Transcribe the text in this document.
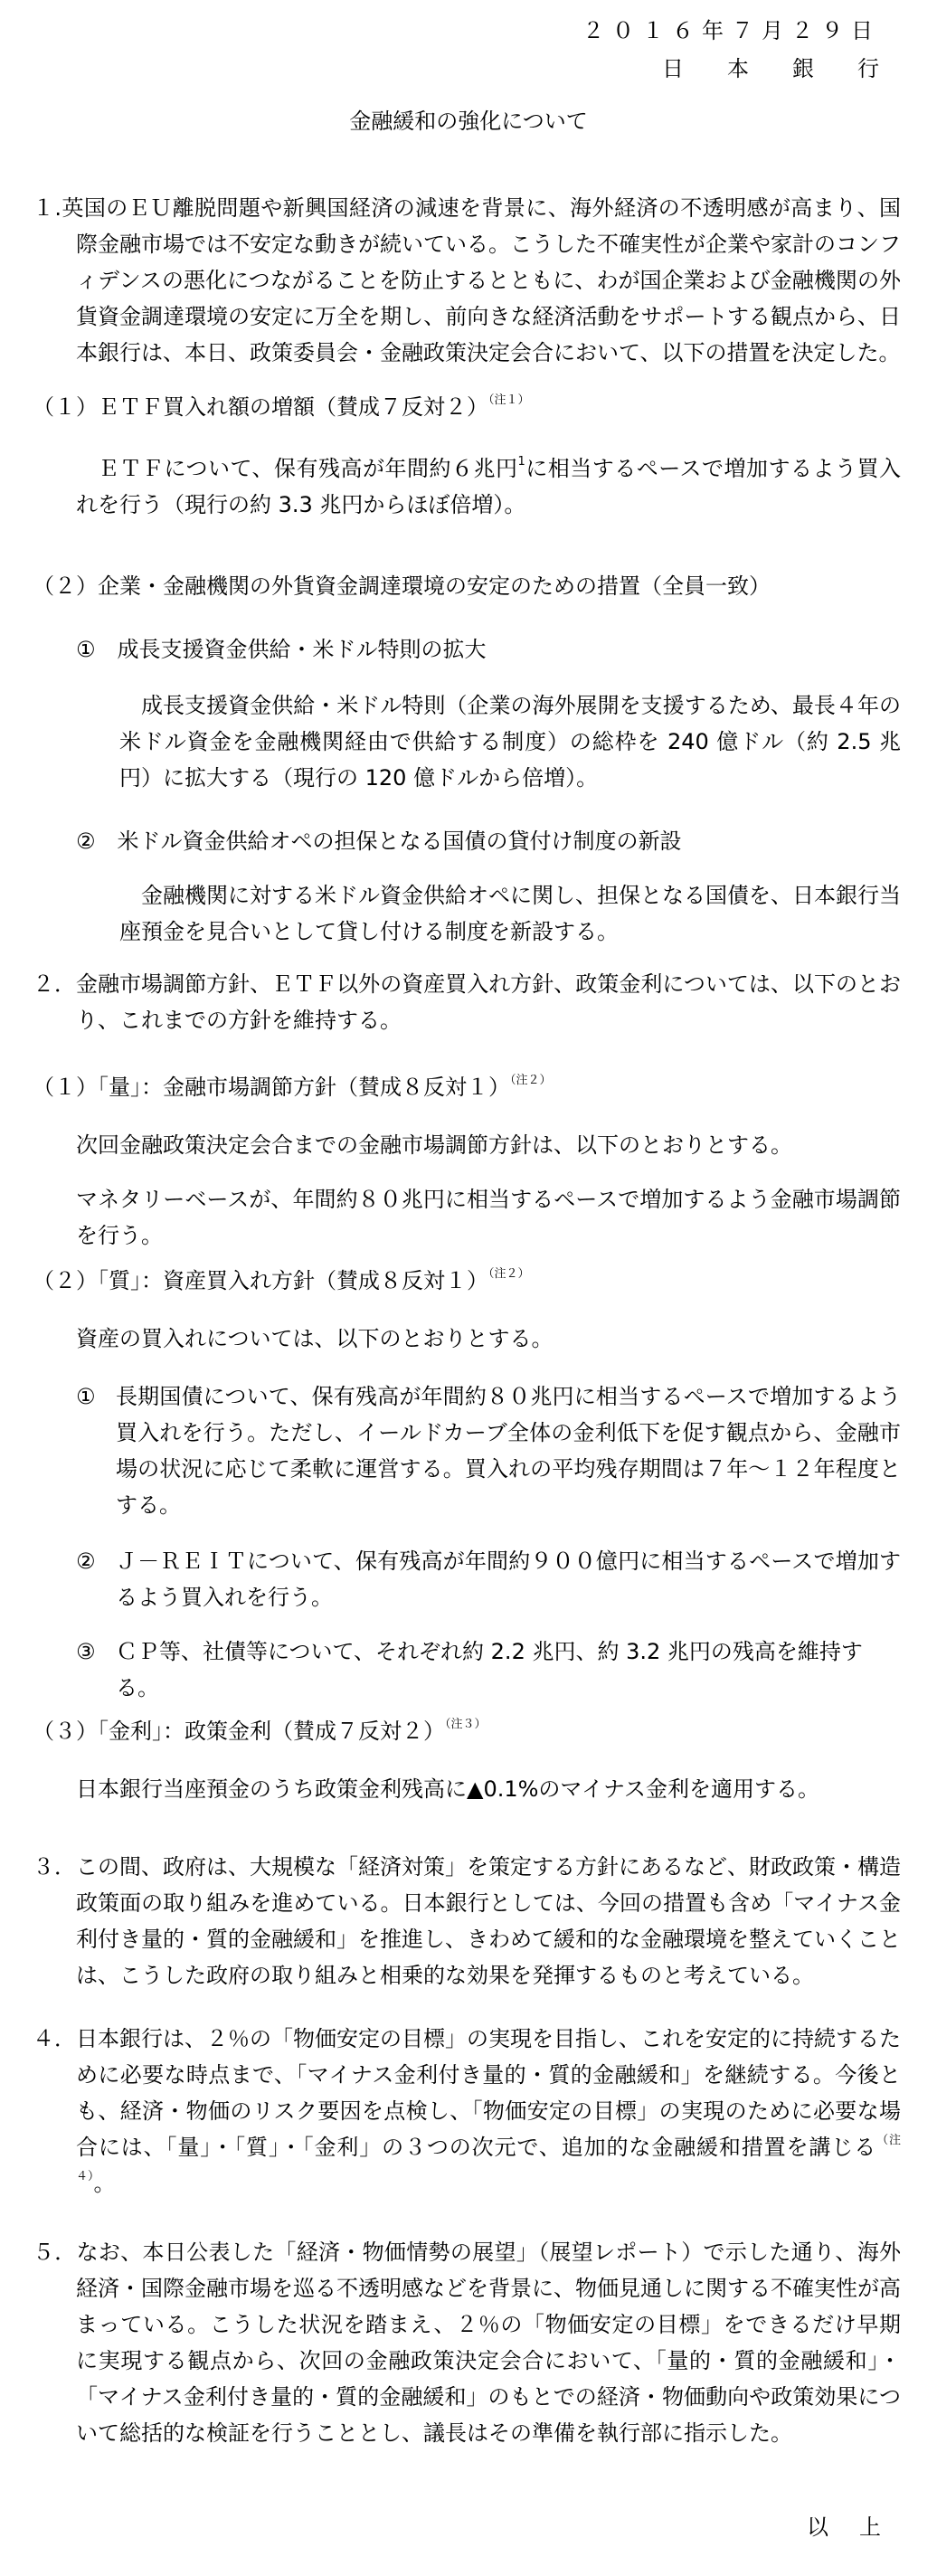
２０１６年７月２９日
日 本 銀 行
金融緩和の強化について

１.英国のＥＵ離脱問題や新興国経済の減速を背景に、海外経済の不透明感が高まり、国際金融市場では不安定な動きが続いている。こうした不確実性が企業や家計のコンフィデンスの悪化につながることを防止するとともに、わが国企業および金融機関の外貨資金調達環境の安定に万全を期し、前向きな経済活動をサポートする観点から、日本銀行は、本日、政策委員会・金融政策決定会合において、以下の措置を決定した。

（１）ＥＴＦ買入れ額の増額（賛成７反対２）$^{(注1)}$

ＥＴＦについて、保有残高が年間約６兆円$^1$に相当するペースで増加するよう買入れを行う（現行の約 3.3 兆円からほぼ倍増）。

（２）企業・金融機関の外貨資金調達環境の安定のための措置（全員一致）

①　成長支援資金供給・米ドル特則の拡大

成長支援資金供給・米ドル特則（企業の海外展開を支援するため、最長４年の米ドル資金を金融機関経由で供給する制度）の総枠を 240 億ドル（約 2.5 兆円）に拡大する（現行の 120 億ドルから倍増）。

②　米ドル資金供給オペの担保となる国債の貸付け制度の新設

金融機関に対する米ドル資金供給オペに関し、担保となる国債を、日本銀行当座預金を見合いとして貸し付ける制度を新設する。

２．金融市場調節方針、ＥＴＦ以外の資産買入れ方針、政策金利については、以下のとおり、これまでの方針を維持する。

（１）「量」：金融市場調節方針（賛成８反対１）$^{(注2)}$

次回金融政策決定会合までの金融市場調節方針は、以下のとおりとする。

マネタリーベースが、年間約８０兆円に相当するペースで増加するよう金融市場調節を行う。

（２）「質」：資産買入れ方針（賛成８反対１）$^{(注2)}$

資産の買入れについては、以下のとおりとする。

① 長期国債について、保有残高が年間約８０兆円に相当するペースで増加するよう買入れを行う。ただし、イールドカーブ全体の金利低下を促す観点から、金融市場の状況に応じて柔軟に運営する。買入れの平均残存期間は７年～１２年程度とする。

② Ｊ－ＲＥＩＴについて、保有残高が年間約９００億円に相当するペースで増加するよう買入れを行う。

③ ＣＰ等、社債等について、それぞれ約 2.2 兆円、約 3.2 兆円の残高を維持する。

（３）「金利」：政策金利（賛成７反対２）$^{(注3)}$

日本銀行当座預金のうち政策金利残高に▲0.1%のマイナス金利を適用する。

３．この間、政府は、大規模な「経済対策」を策定する方針にあるなど、財政政策・構造政策面の取り組みを進めている。日本銀行としては、今回の措置も含め「マイナス金利付き量的・質的金融緩和」を推進し、きわめて緩和的な金融環境を整えていくことは、こうした政府の取り組みと相乗的な効果を発揮するものと考えている。

４．日本銀行は、２％の「物価安定の目標」の実現を目指し、これを安定的に持続するために必要な時点まで、「マイナス金利付き量的・質的金融緩和」を継続する。今後とも、経済・物価のリスク要因を点検し、「物価安定の目標」の実現のために必要な場合には、「量」・「質」・「金利」の３つの次元で、追加的な金融緩和措置を講じる$^{(注4)}$。

５．なお、本日公表した「経済・物価情勢の展望」（展望レポート）で示した通り、海外経済・国際金融市場を巡る不透明感などを背景に、物価見通しに関する不確実性が高まっている。こうした状況を踏まえ、２％の「物価安定の目標」をできるだけ早期に実現する観点から、次回の金融政策決定会合において、「量的・質的金融緩和」・「マイナス金利付き量的・質的金融緩和」のもとでの経済・物価動向や政策効果について総括的な検証を行うこととし、議長はその準備を執行部に指示した。

以 上
